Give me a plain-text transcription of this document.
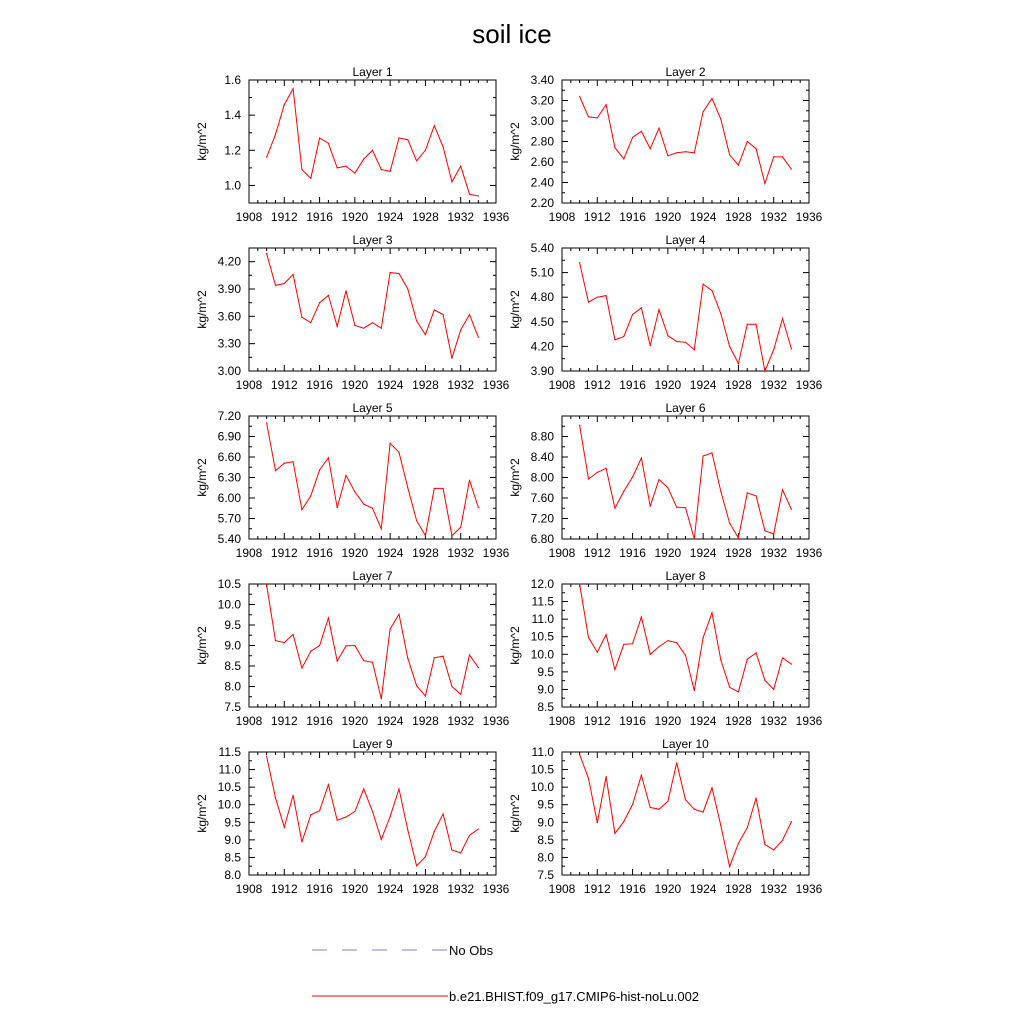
soil ice
Layer 1
kg/m^2
1908 1912 1916 1920 1924 1928 1932 1936
1.0
1.2
1.4
1.6
Layer 2
kg/m^2
1908 1912 1916 1920 1924 1928 1932 1936
2.20
2.40
2.60
2.80
3.00
3.20
3.40
Layer 3
kg/m^2
1908 1912 1916 1920 1924 1928 1932 1936
3.00
3.30
3.60
3.90
4.20
Layer 4
kg/m^2
1908 1912 1916 1920 1924 1928 1932 1936
3.90
4.20
4.50
4.80
5.10
5.40
Layer 5
kg/m^2
1908 1912 1916 1920 1924 1928 1932 1936
5.40
5.70
6.00
6.30
6.60
6.90
7.20
Layer 6
kg/m^2
1908 1912 1916 1920 1924 1928 1932 1936
6.80
7.20
7.60
8.00
8.40
8.80
Layer 7
kg/m^2
1908 1912 1916 1920 1924 1928 1932 1936
7.5
8.0
8.5
9.0
9.5
10.0
10.5
Layer 8
kg/m^2
1908 1912 1916 1920 1924 1928 1932 1936
8.5
9.0
9.5
10.0
10.5
11.0
11.5
12.0
Layer 9
kg/m^2
1908 1912 1916 1920 1924 1928 1932 1936
8.0
8.5
9.0
9.5
10.0
10.5
11.0
11.5
Layer 10
kg/m^2
1908 1912 1916 1920 1924 1928 1932 1936
7.5
8.0
8.5
9.0
9.5
10.0
10.5
11.0
No Obs
b.e21.BHIST.f09_g17.CMIP6-hist-noLu.002
